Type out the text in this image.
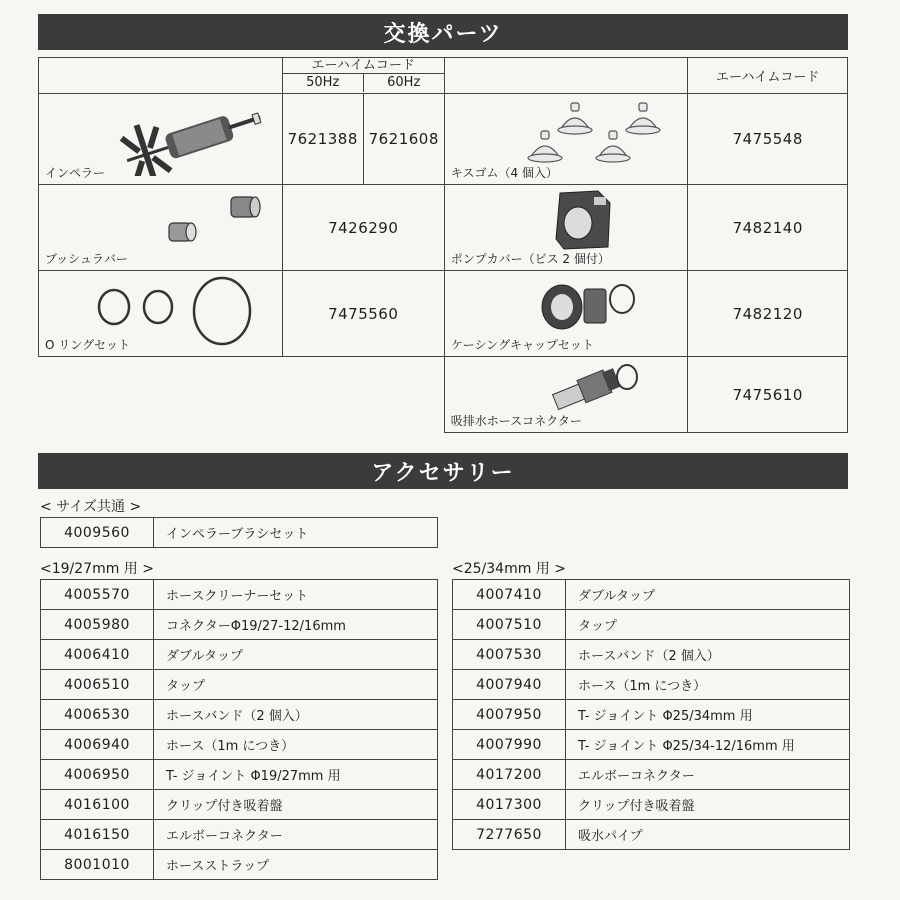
交換パーツ

	エーハイムコード
50Hz 60Hz			エーハイムコード

インペラー	7621388	7621608	キスゴム（4 個入）	7475548

ブッシュラバー	7426290		ポンプカバー（ビス 2 個付）	7482140

O リングセット	7475560		ケーシングキャップセット	7482120

			吸排水ホースコネクター	7475610
アクセサリー
< サイズ共通 >
4009560	インペラーブラシセット
<19/27mm 用 >
4005570	ホースクリーナーセット
4005980	コネクターΦ19/27-12/16mm
4006410	ダブルタップ
4006510	タップ
4006530	ホースバンド（2 個入）
4006940	ホース（1m につき）
4006950	T- ジョイント Φ19/27mm 用
4016100	クリップ付き吸着盤
4016150	エルボーコネクター
8001010	ホースストラップ
<25/34mm 用 >
4007410	ダブルタップ
4007510	タップ
4007530	ホースバンド（2 個入）
4007940	ホース（1m につき）
4007950	T- ジョイント Φ25/34mm 用
4007990	T- ジョイント Φ25/34-12/16mm 用
4017200	エルボーコネクター
4017300	クリップ付き吸着盤
7277650	吸水パイプ
